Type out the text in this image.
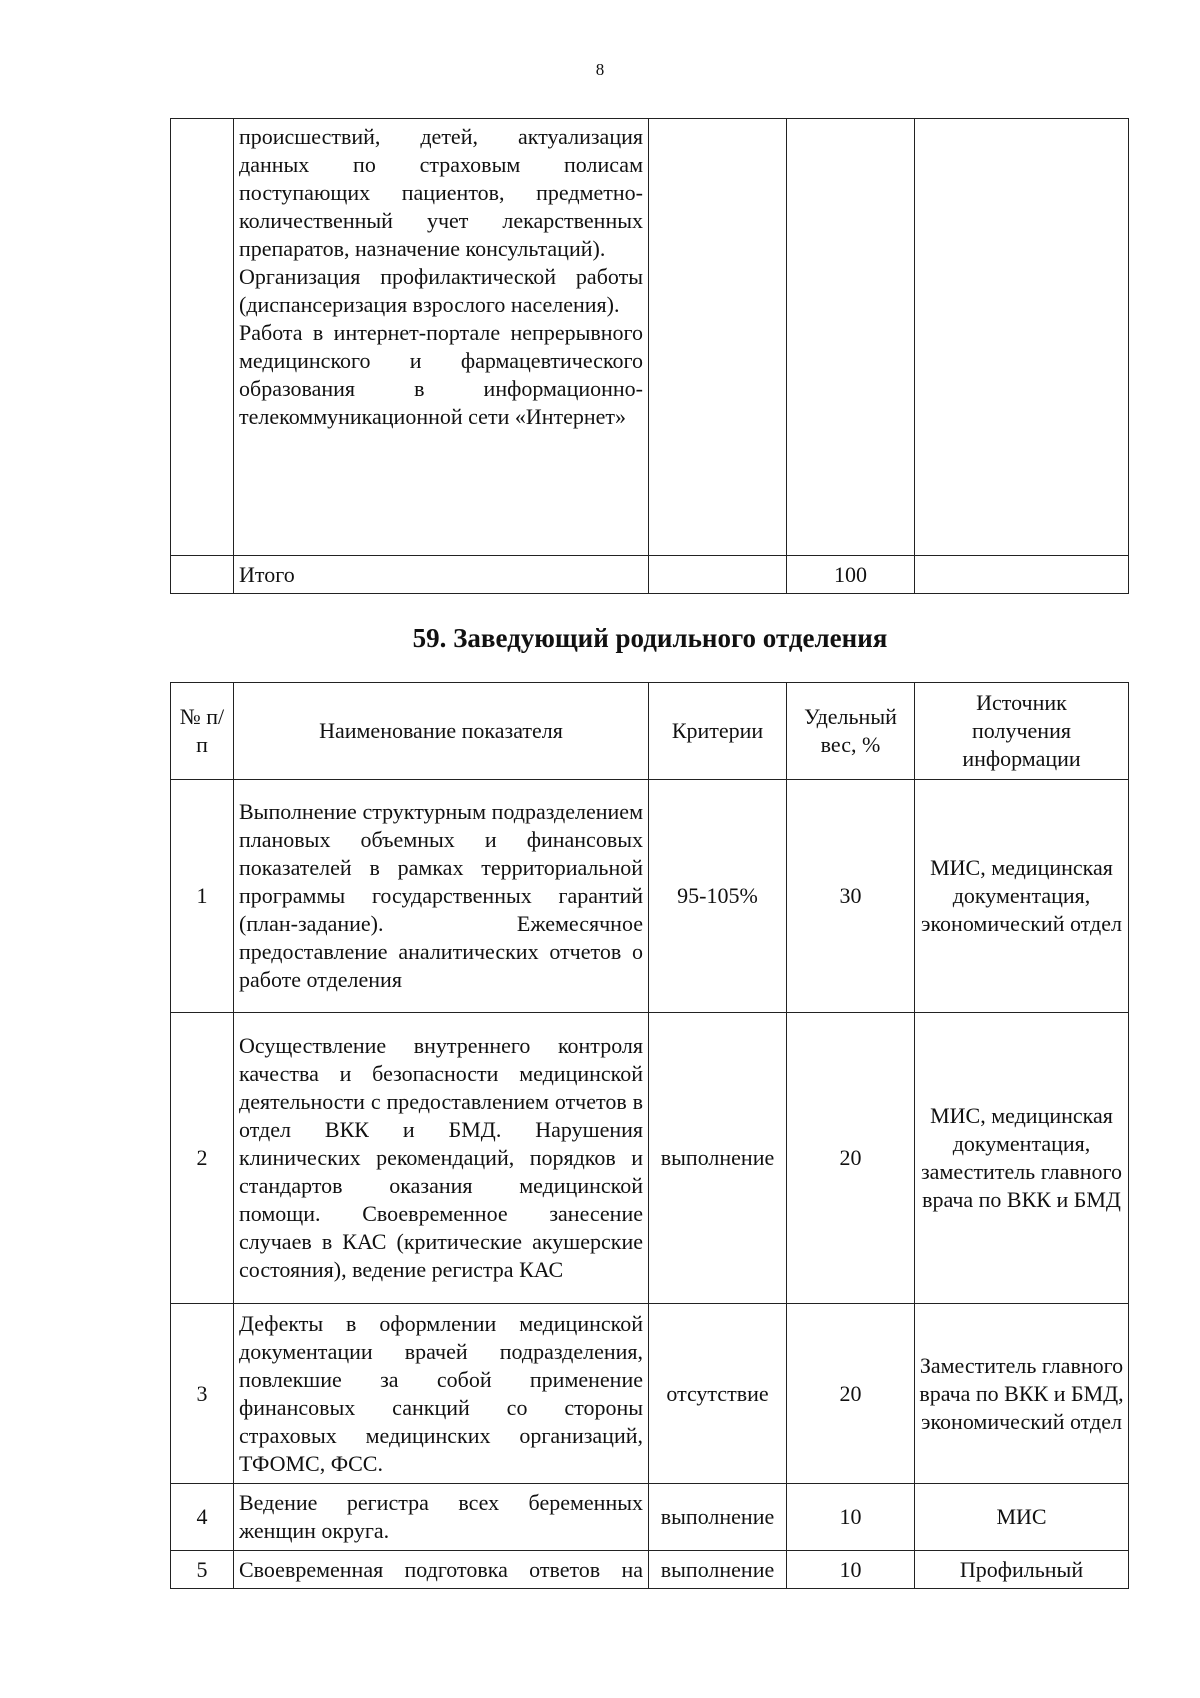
8

	происшествий, детей, актуализация данных по страховым полисам поступающих пациентов, предметно-количественный учет лекарственных препаратов, назначение консультаций).
Организация профилактической работы (диспансеризация взрослого населения).
Работа в интернет-портале непрерывного медицинского и фармацевтического образования в информационно-телекоммуникационной сети «Интернет»			

	Итого		100	
59. Заведующий родильного отделения
№ п/п	Наименование показателя	Критерии	Удельный вес, %	Источник получения информации
1	Выполнение структурным подразделением плановых объемных и финансовых показателей в рамках территориальной программы государственных гарантий (план-задание). Ежемесячное предоставление аналитических отчетов о работе отделения	95-105%	30	МИС, медицинская документация, экономический отдел
2	Осуществление внутреннего контроля качества и безопасности медицинской деятельности с предоставлением отчетов в отдел ВКК и БМД. Нарушения клинических рекомендаций, порядков и стандартов оказания медицинской помощи. Своевременное занесение случаев в КАС (критические акушерские состояния), ведение регистра КАС	выполнение	20	МИС, медицинская документация, заместитель главного врача по ВКК и БМД
3	Дефекты в оформлении медицинской документации врачей подразделения, повлекшие за собой применение финансовых санкций со стороны страховых медицинских организаций, ТФОМС, ФСС.	отсутствие	20	Заместитель главного врача по ВКК и БМД, экономический отдел
4	Ведение регистра всех беременных женщин округа.	выполнение	10	МИС
5	Своевременная подготовка ответов на	выполнение	10	Профильный
